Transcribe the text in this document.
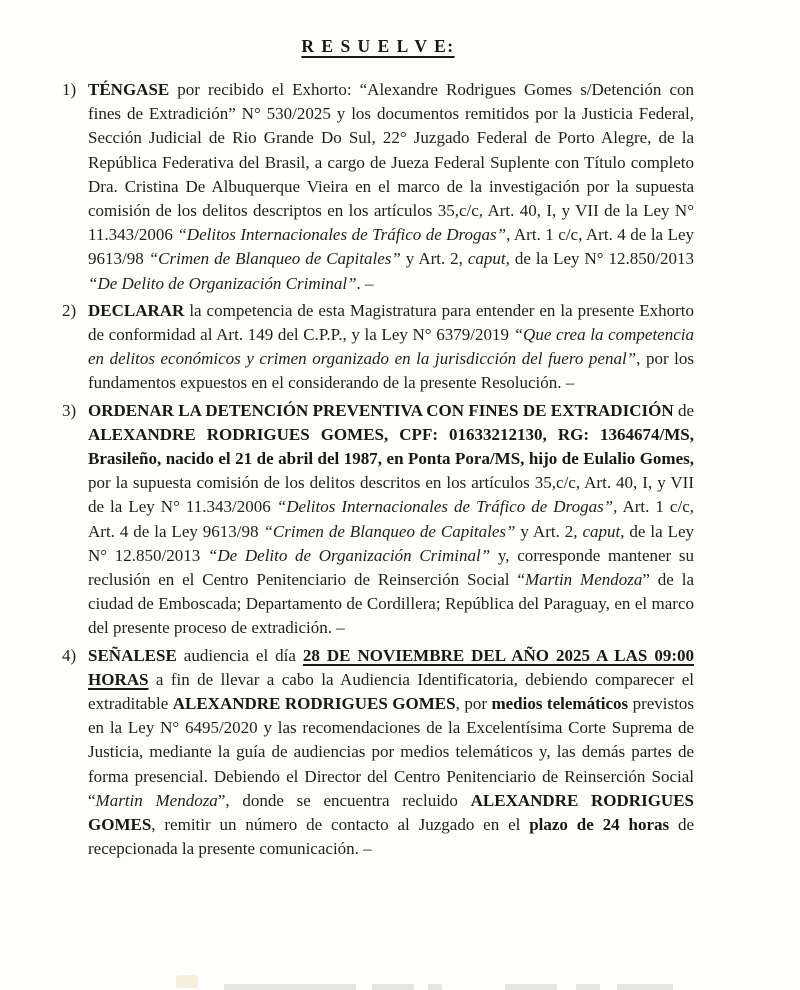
R E S U E L V E:
1) TÉNGASE por recibido el Exhorto: “Alexandre Rodrigues Gomes s/Detención con fines de Extradición” N° 530/2025 y los documentos remitidos por la Justicia Federal, Sección Judicial de Rio Grande Do Sul, 22° Juzgado Federal de Porto Alegre, de la República Federativa del Brasil, a cargo de Jueza Federal Suplente con Título completo Dra. Cristina De Albuquerque Vieira en el marco de la investigación por la supuesta comisión de los delitos descriptos en los artículos 35,c/c, Art. 40, I, y VII de la Ley N° 11.343/2006 “Delitos Internacionales de Tráfico de Drogas”, Art. 1 c/c, Art. 4 de la Ley 9613/98 “Crimen de Blanqueo de Capitales” y Art. 2, caput, de la Ley N° 12.850/2013 “De Delito de Organización Criminal”. –

2) DECLARAR la competencia de esta Magistratura para entender en la presente Exhorto de conformidad al Art. 149 del C.P.P., y la Ley N° 6379/2019 “Que crea la competencia en delitos económicos y crimen organizado en la jurisdicción del fuero penal”, por los fundamentos expuestos en el considerando de la presente Resolución. –

3) ORDENAR LA DETENCIÓN PREVENTIVA CON FINES DE EXTRADICIÓN de ALEXANDRE RODRIGUES GOMES, CPF: 01633212130, RG: 1364674/MS, Brasileño, nacido el 21 de abril del 1987, en Ponta Pora/MS, hijo de Eulalio Gomes, por la supuesta comisión de los delitos descritos en los artículos 35,c/c, Art. 40, I, y VII de la Ley N° 11.343/2006 “Delitos Internacionales de Tráfico de Drogas”, Art. 1 c/c, Art. 4 de la Ley 9613/98 “Crimen de Blanqueo de Capitales” y Art. 2, caput, de la Ley N° 12.850/2013 “De Delito de Organización Criminal” y, corresponde mantener su reclusión en el Centro Penitenciario de Reinserción Social “Martin Mendoza” de la ciudad de Emboscada; Departamento de Cordillera; República del Paraguay, en el marco del presente proceso de extradición. –

4) SEÑALESE audiencia el día 28 DE NOVIEMBRE DEL AÑO 2025 A LAS 09:00 HORAS a fin de llevar a cabo la Audiencia Identificatoria, debiendo comparecer el extraditable ALEXANDRE RODRIGUES GOMES, por medios telemáticos previstos en la Ley N° 6495/2020 y las recomendaciones de la Excelentísima Corte Suprema de Justicia, mediante la guía de audiencias por medios telemáticos y, las demás partes de forma presencial. Debiendo el Director del Centro Penitenciario de Reinserción Social “Martin Mendoza”, donde se encuentra recluido ALEXANDRE RODRIGUES GOMES, remitir un número de contacto al Juzgado en el plazo de 24 horas de recepcionada la presente comunicación. –
